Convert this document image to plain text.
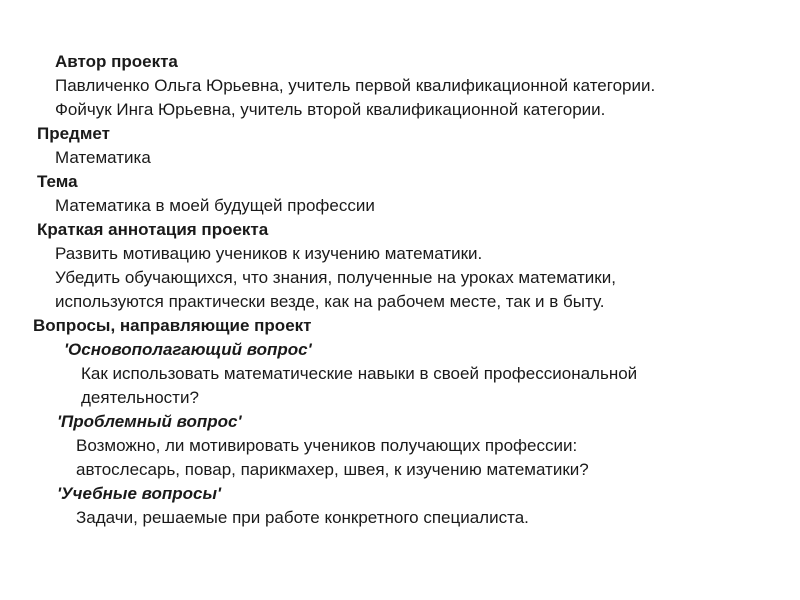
Автор проекта
Павличенко Ольга Юрьевна, учитель первой квалификационной категории.
Фойчук Инга Юрьевна, учитель второй квалификационной категории.
Предмет
Математика
Тема
Математика в моей будущей профессии
Краткая аннотация проекта
Развить мотивацию учеников к изучению математики.
Убедить обучающихся, что знания, полученные на уроках математики,
используются практически везде, как на рабочем месте, так и в быту.
Вопросы, направляющие проект
'Основополагающий вопрос'
Как использовать математические навыки в своей профессиональной
деятельности?
'Проблемный вопрос'
Возможно, ли мотивировать учеников получающих профессии:
автослесарь, повар, парикмахер, швея, к изучению математики?
'Учебные вопросы'
Задачи, решаемые при работе конкретного специалиста.
